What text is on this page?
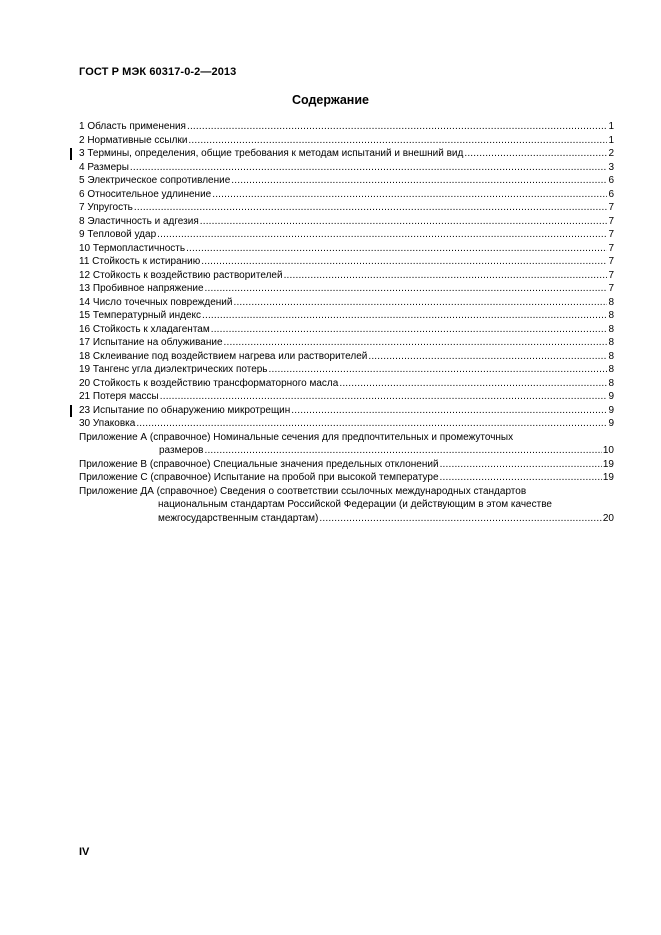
ГОСТ Р МЭК 60317-0-2—2013
Содержание
1 Область применения .....	1
2 Нормативные ссылки .....	1
3 Термины, определения, общие требования к методам испытаний и внешний вид .....	2
4 Размеры .....	3
5 Электрическое сопротивление .....	6
6 Относительное удлинение .....	6
7 Упругость .....	7
8 Эластичность и адгезия .....	7
9 Тепловой удар .....	7
10 Термопластичность .....	7
11 Стойкость к истиранию .....	7
12 Стойкость к воздействию растворителей .....	7
13 Пробивное напряжение .....	7
14 Число точечных повреждений .....	8
15 Температурный индекс .....	8
16 Стойкость к хладагентам .....	8
17 Испытание на облуживание .....	8
18 Склеивание под воздействием нагрева или растворителей .....	8
19 Тангенс угла диэлектрических потерь .....	8
20 Стойкость к воздействию трансформаторного масла .....	8
21 Потеря массы .....	9
23 Испытание по обнаружению микротрещин .....	9
30 Упаковка .....	9
Приложение А (справочное) Номинальные сечения для предпочтительных и промежуточных
размеров .....	10
Приложение В (справочное) Специальные значения предельных отклонений .....	19
Приложение С (справочное) Испытание на пробой при высокой температуре .....	19
Приложение ДА (справочное) Сведения о соответствии ссылочных международных стандартов
национальным стандартам Российской Федерации (и действующим в этом качестве
межгосударственным стандартам) .....	20
IV
